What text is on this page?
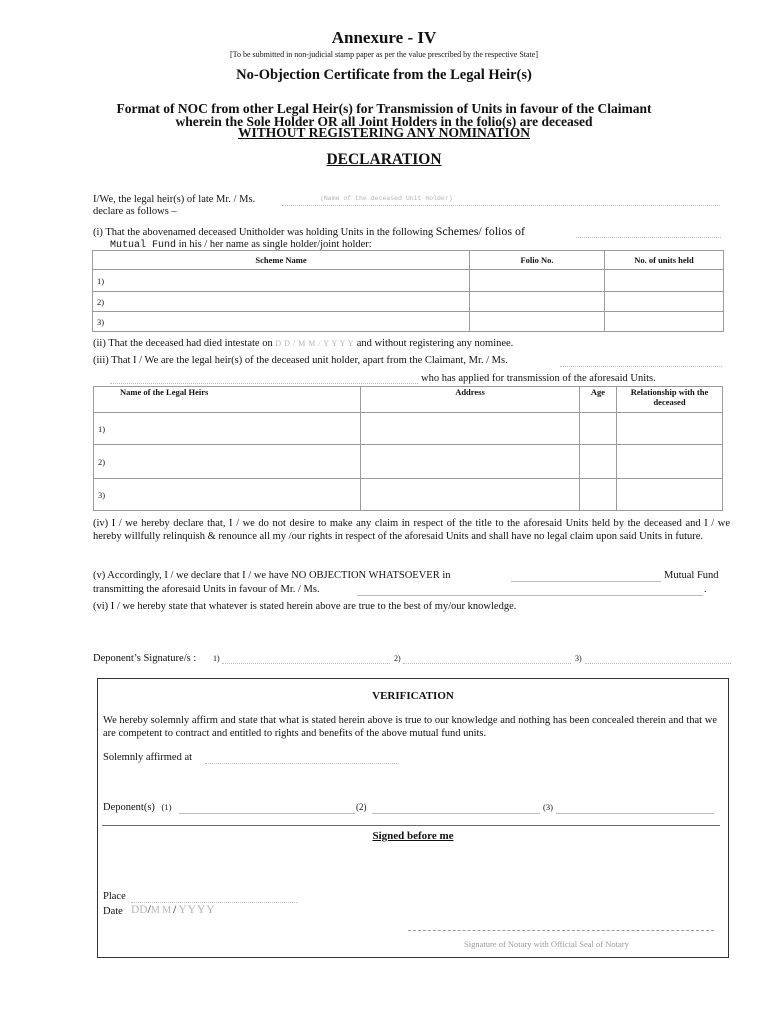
Annexure - IV
[To be submitted in non-judicial stamp paper as per the value prescribed by the respective State]
No-Objection Certificate from the Legal Heir(s)
Format of NOC from other Legal Heir(s) for Transmission of Units in favour of the Claimant
wherein the Sole Holder OR all Joint Holders in the folio(s) are deceased
WITHOUT REGISTERING ANY NOMINATION
DECLARATION
I/We, the legal heir(s) of late Mr. / Ms.	(Name of the deceased Unit Holder)
declare as follows –
(i) That the abovenamed deceased Unitholder was holding Units in the following Schemes/ folios of
Mutual Fund in his / her name as single holder/joint holder:
Scheme Name	Folio No.	No. of units held
1)		
2)		
3)		
(ii) That the deceased had died intestate on D D / M M / Y Y Y Y and without registering any nominee.
(iii) That I / We are the legal heir(s) of the deceased unit holder, apart from the Claimant, Mr. / Ms.
who has applied for transmission of the aforesaid Units.
Name of the Legal Heirs	Address	Age	Relationship with the deceased
1)			
2)			
3)			
(iv) I / we hereby declare that, I / we do not desire to make any claim in respect of the title to the aforesaid Units held by the deceased and I / we hereby willfully relinquish & renounce all my /our rights in respect of the aforesaid Units and shall have no legal claim upon said Units in future.
(v) Accordingly, I / we declare that I / we have NO OBJECTION WHATSOEVER in	Mutual Fund
transmitting the aforesaid Units in favour of Mr. / Ms.	.
(vi) I / we hereby state that whatever is stated herein above are true to the best of my/our knowledge.
Deponent’s Signature/s : 1)	2)	3)
VERIFICATION
We hereby solemnly affirm and state that what is stated herein above is true to our knowledge and nothing has been concealed therein and that we are competent to contract and entitled to rights and benefits of the above mutual fund units.
Solemnly affirmed at
Deponent(s) (1)	(2)	(3)
Signed before me
Place
Date DD/M M / YYYY
Signature of Notary with Official Seal of Notary
